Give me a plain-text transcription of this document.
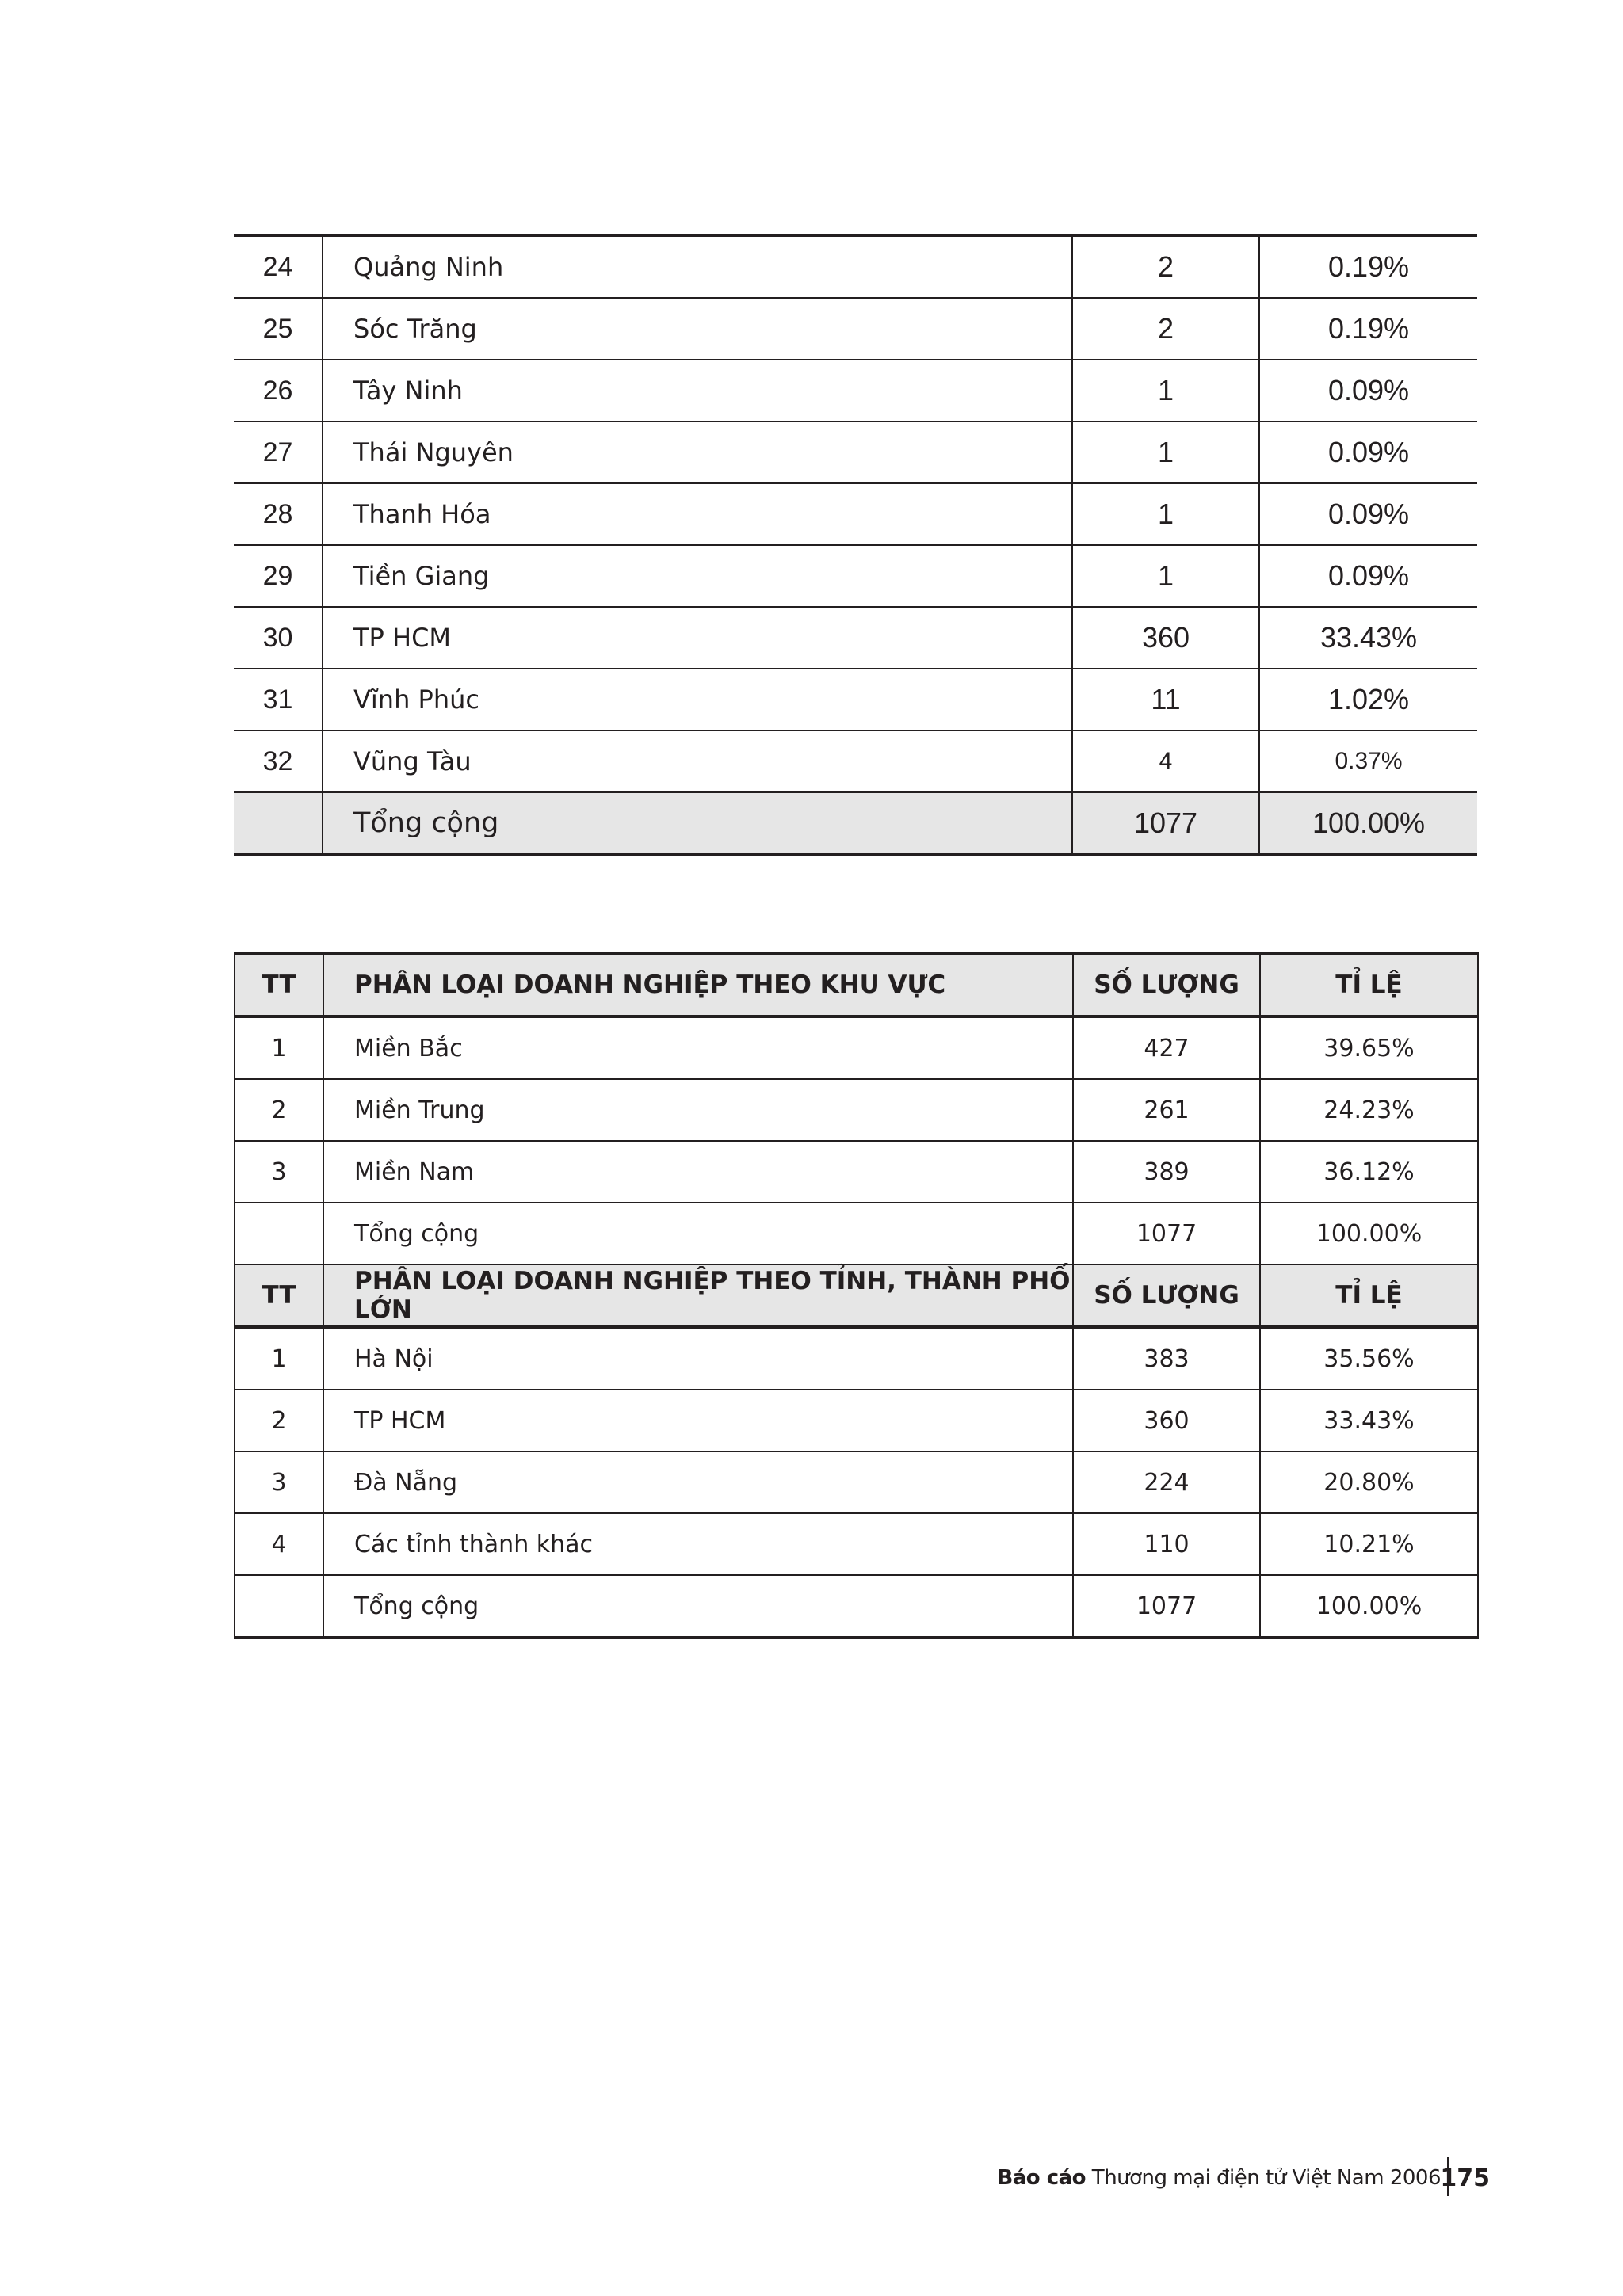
24	Quảng Ninh	2	0.19%
25	Sóc Trăng	2	0.19%
26	Tây Ninh	1	0.09%
27	Thái Nguyên	1	0.09%
28	Thanh Hóa	1	0.09%
29	Tiền Giang	1	0.09%
30	TP HCM	360	33.43%
31	Vĩnh Phúc	11	1.02%
32	Vũng Tàu	4	0.37%
	Tổng cộng	1077	100.00%
TT	PHÂN LOẠI DOANH NGHIỆP THEO KHU VỰC	SỐ LƯỢNG	TỈ LỆ
1	Miền Bắc	427	39.65%
2	Miền Trung	261	24.23%
3	Miền Nam	389	36.12%
	Tổng cộng	1077	100.00%
TT	PHÂN LOẠI DOANH NGHIỆP THEO TỈNH, THÀNH PHỐ LỚN	SỐ LƯỢNG	TỈ LỆ
1	Hà Nội	383	35.56%
2	TP HCM	360	33.43%
3	Đà Nẵng	224	20.80%
4	Các tỉnh thành khác	110	10.21%
	Tổng cộng	1077	100.00%
Báo cáo Thương mại điện tử Việt Nam 2006 175
